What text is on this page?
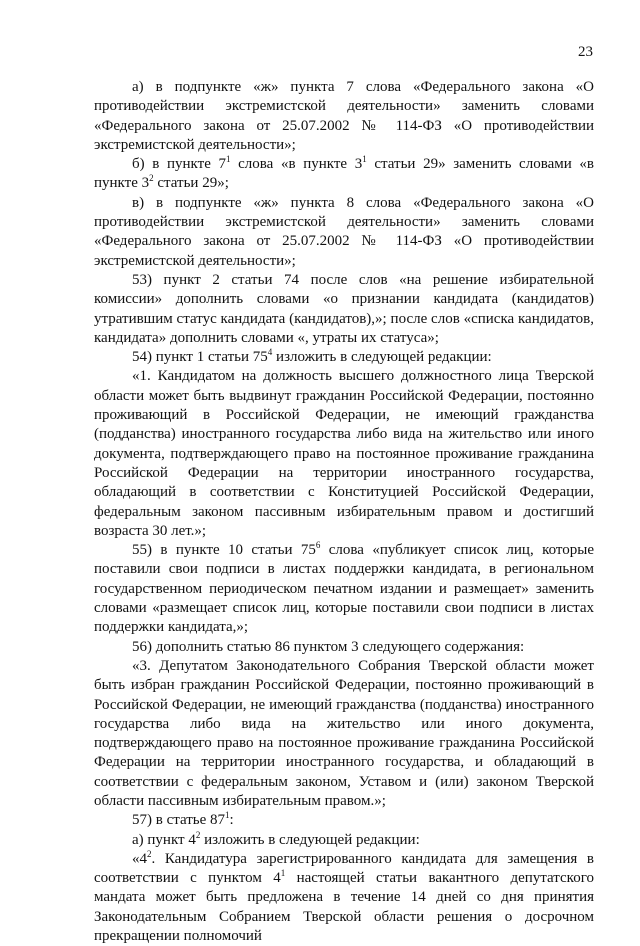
23

а) в подпункте «ж» пункта 7 слова «Федерального закона «О противодействии экстремистской деятельности» заменить словами «Федерального закона от 25.07.2002 № 114-ФЗ «О противодействии экстремистской деятельности»;

б) в пункте $7^1$ слова «в пункте $3^1$ статьи 29» заменить словами «в пункте $3^2$ статьи 29»;

в) в подпункте «ж» пункта 8 слова «Федерального закона «О противодействии экстремистской деятельности» заменить словами «Федерального закона от 25.07.2002 № 114-ФЗ «О противодействии экстремистской деятельности»;

53) пункт 2 статьи 74 после слов «на решение избирательной комиссии» дополнить словами «о признании кандидата (кандидатов) утратившим статус кандидата (кандидатов),»; после слов «списка кандидатов, кандидата» дополнить словами «, утраты их статуса»;

54) пункт 1 статьи $75^4$ изложить в следующей редакции:

«1. Кандидатом на должность высшего должностного лица Тверской области может быть выдвинут гражданин Российской Федерации, постоянно проживающий в Российской Федерации, не имеющий гражданства (подданства) иностранного государства либо вида на жительство или иного документа, подтверждающего право на постоянное проживание гражданина Российской Федерации на территории иностранного государства, обладающий в соответствии с Конституцией Российской Федерации, федеральным законом пассивным избирательным правом и достигший возраста 30 лет.»;

55) в пункте 10 статьи $75^6$ слова «публикует список лиц, которые поставили свои подписи в листах поддержки кандидата, в региональном государственном периодическом печатном издании и размещает» заменить словами «размещает список лиц, которые поставили свои подписи в листах поддержки кандидата,»;

56) дополнить статью 86 пунктом 3 следующего содержания:

«3. Депутатом Законодательного Собрания Тверской области может быть избран гражданин Российской Федерации, постоянно проживающий в Российской Федерации, не имеющий гражданства (подданства) иностранного государства либо вида на жительство или иного документа, подтверждающего право на постоянное проживание гражданина Российской Федерации на территории иностранного государства, и обладающий в соответствии с федеральным законом, Уставом и (или) законом Тверской области пассивным избирательным правом.»;

57) в статье $87^1$:

а) пункт $4^2$ изложить в следующей редакции:

«$4^2$. Кандидатура зарегистрированного кандидата для замещения в соответствии с пунктом $4^1$ настоящей статьи вакантного депутатского мандата может быть предложена в течение 14 дней со дня принятия Законодательным Собранием Тверской области решения о досрочном прекращении полномочий
